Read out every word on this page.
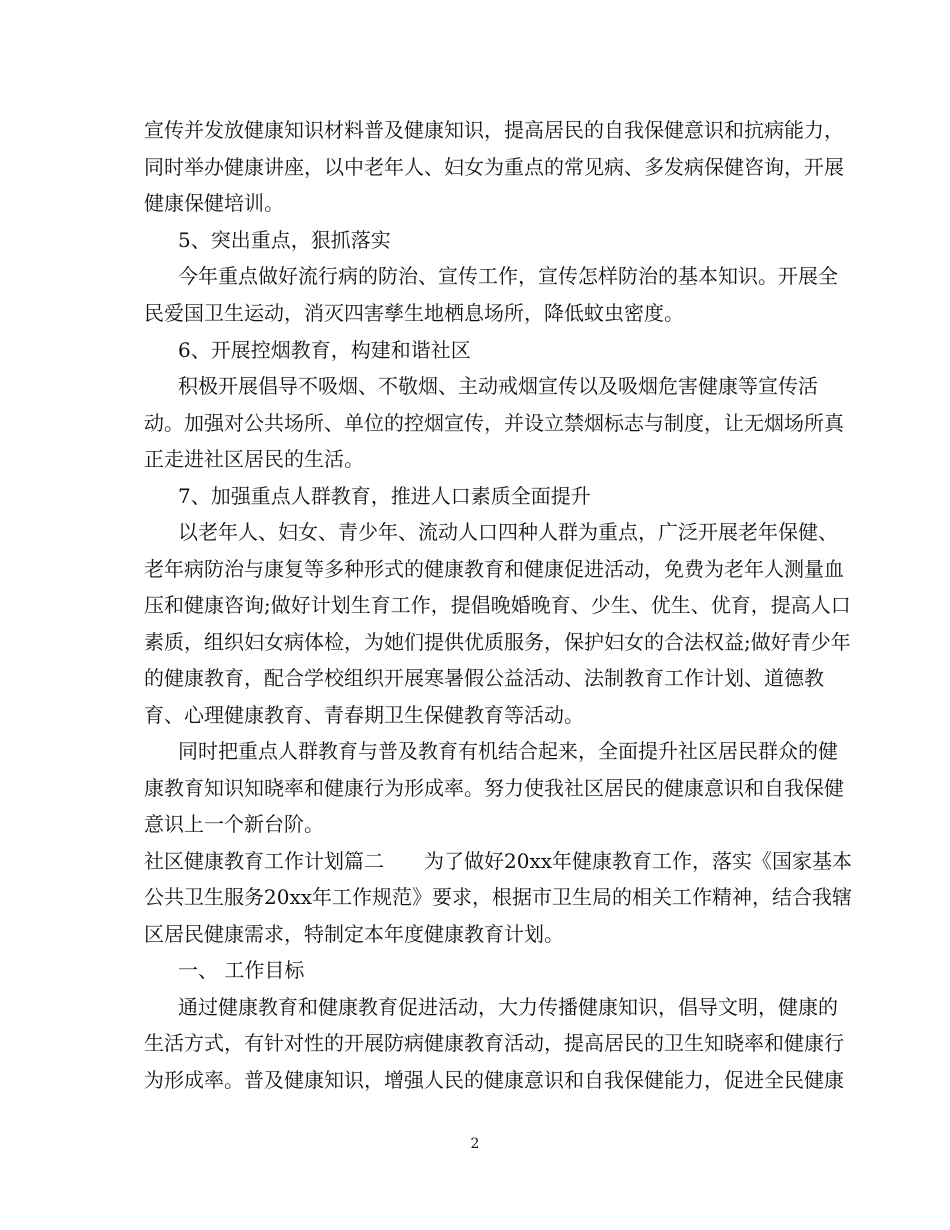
宣传并发放健康知识材料普及健康知识，提高居民的自我保健意识和抗病能力，
同时举办健康讲座，以中老年人、妇女为重点的常见病、多发病保健咨询，开展
健康保健培训。
5、突出重点，狠抓落实
今年重点做好流行病的防治、宣传工作，宣传怎样防治的基本知识。开展全
民爱国卫生运动，消灭四害孳生地栖息场所，降低蚊虫密度。
6、开展控烟教育，构建和谐社区
积极开展倡导不吸烟、不敬烟、主动戒烟宣传以及吸烟危害健康等宣传活
动。加强对公共场所、单位的控烟宣传，并设立禁烟标志与制度，让无烟场所真
正走进社区居民的生活。
7、加强重点人群教育，推进人口素质全面提升
以老年人、妇女、青少年、流动人口四种人群为重点，广泛开展老年保健、
老年病防治与康复等多种形式的健康教育和健康促进活动，免费为老年人测量血
压和健康咨询;做好计划生育工作，提倡晚婚晚育、少生、优生、优育，提高人口
素质，组织妇女病体检，为她们提供优质服务，保护妇女的合法权益;做好青少年
的健康教育，配合学校组织开展寒暑假公益活动、法制教育工作计划、道德教
育、心理健康教育、青春期卫生保健教育等活动。
同时把重点人群教育与普及教育有机结合起来，全面提升社区居民群众的健
康教育知识知晓率和健康行为形成率。努力使我社区居民的健康意识和自我保健
意识上一个新台阶。
社区健康教育工作计划篇二　　为了做好20xx年健康教育工作，落实《国家基本
公共卫生服务20xx年工作规范》要求，根据市卫生局的相关工作精神，结合我辖
区居民健康需求，特制定本年度健康教育计划。
一、 工作目标
通过健康教育和健康教育促进活动，大力传播健康知识，倡导文明，健康的
生活方式，有针对性的开展防病健康教育活动，提高居民的卫生知晓率和健康行
为形成率。普及健康知识，增强人民的健康意识和自我保健能力，促进全民健康
2
